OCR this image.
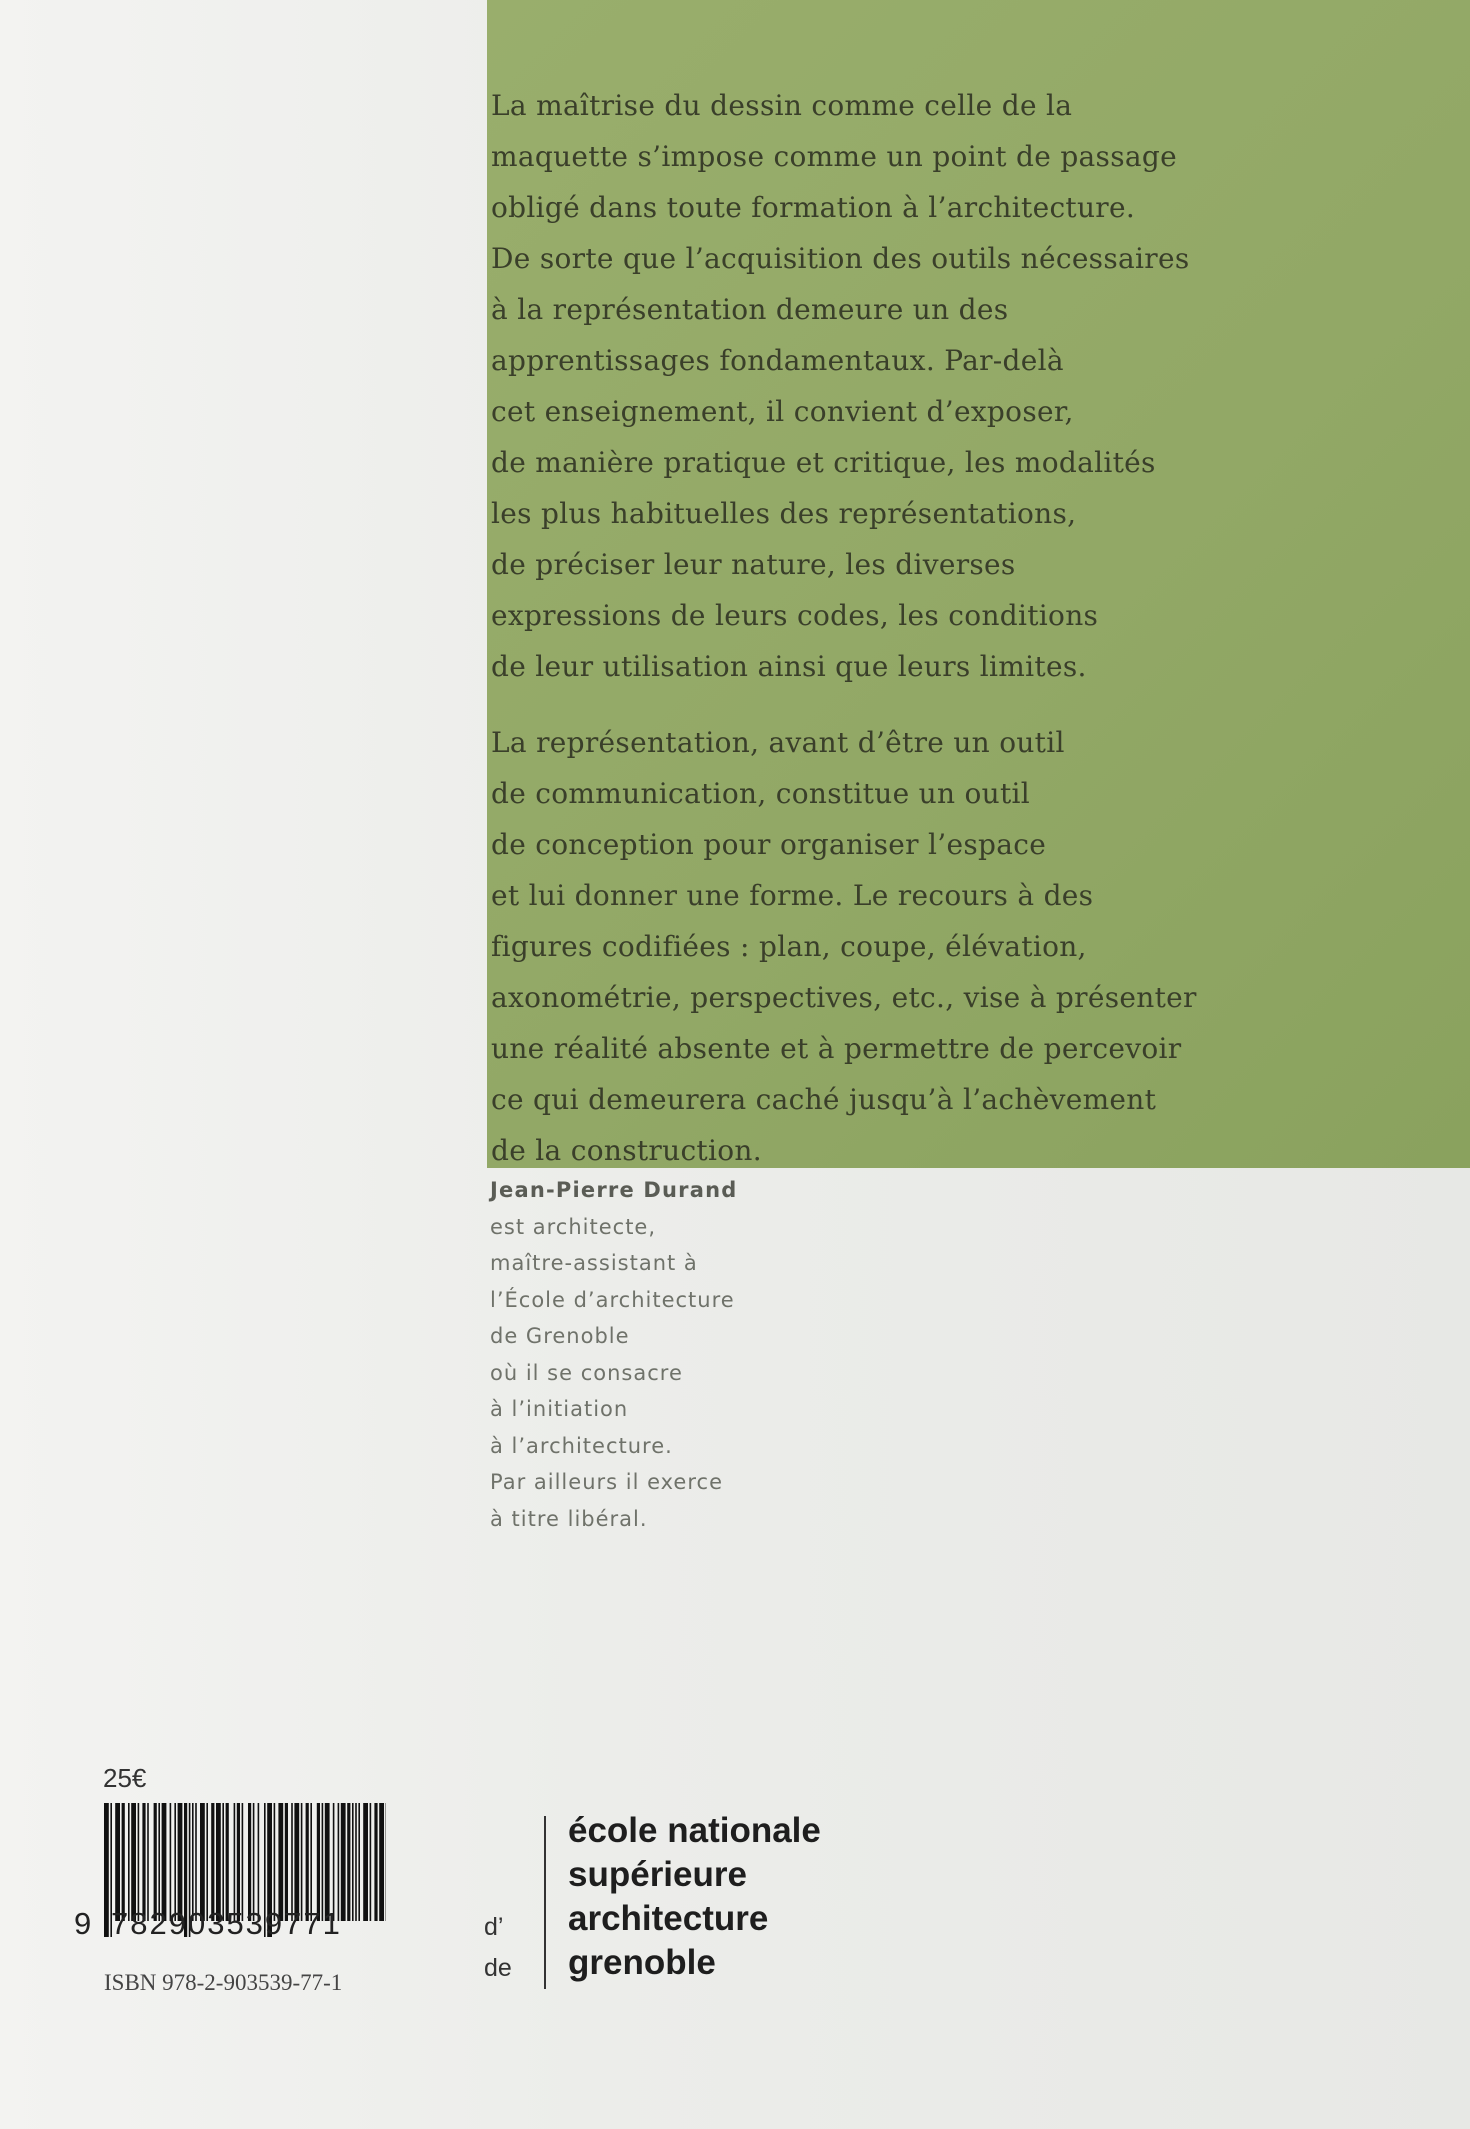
La maîtrise du dessin comme celle de la
maquette s’impose comme un point de passage
obligé dans toute formation à l’architecture.
De sorte que l’acquisition des outils nécessaires
à la représentation demeure un des
apprentissages fondamentaux. Par-delà
cet enseignement, il convient d’exposer,
de manière pratique et critique, les modalités
les plus habituelles des représentations,
de préciser leur nature, les diverses
expressions de leurs codes, les conditions
de leur utilisation ainsi que leurs limites.

La représentation, avant d’être un outil
de communication, constitue un outil
de conception pour organiser l’espace
et lui donner une forme. Le recours à des
figures codifiées : plan, coupe, élévation,
axonométrie, perspectives, etc., vise à présenter
une réalité absente et à permettre de percevoir
ce qui demeurera caché jusqu’à l’achèvement
de la construction.

Jean-Pierre Durand
est architecte,
maître-assistant à
l’École d’architecture
de Grenoble
où il se consacre
à l’initiation
à l’architecture.
Par ailleurs il exerce
à titre libéral.
25€
9 782903539771
ISBN 978-2-903539-77-1
d’
de
école nationale
supérieure
architecture
grenoble
